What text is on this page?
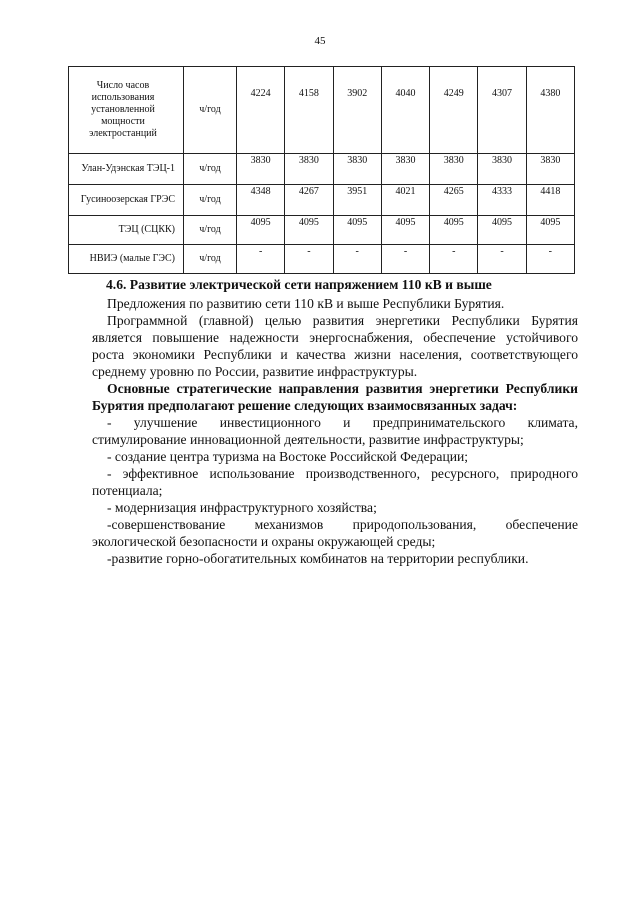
45
Число часов использования установленной мощности электростанций	ч/год	4224	4158	3902	4040	4249	4307	4380
Улан-Удэнская ТЭЦ-1	ч/год	3830	3830	3830	3830	3830	3830	3830
Гусиноозерская ГРЭС	ч/год	4348	4267	3951	4021	4265	4333	4418
ТЭЦ (СЦКК)	ч/год	4095	4095	4095	4095	4095	4095	4095
НВИЭ (малые ГЭС)	ч/год	-	-	-	-	-	-	-
4.6. Развитие электрической сети напряжением 110 кВ и выше

Предложения по развитию сети 110 кВ и выше Республики Бурятия.

Программной (главной) целью развития энергетики Республики Бурятия является повышение надежности энергоснабжения, обеспечение устойчивого роста экономики Республики и качества жизни населения, соответствующего среднему уровню по России, развитие инфраструктуры.

Основные стратегические направления развития энергетики Республики Бурятия предполагают решение следующих взаимосвязанных задач:

- улучшение инвестиционного и предпринимательского климата, стимулирование инновационной деятельности, развитие инфраструктуры;

- создание центра туризма на Востоке Российской Федерации;

- эффективное использование производственного, ресурсного, природного потенциала;

- модернизация инфраструктурного хозяйства;

-совершенствование механизмов природопользования, обеспечение экологической безопасности и охраны окружающей среды;

-развитие горно-обогатительных комбинатов на территории республики.
